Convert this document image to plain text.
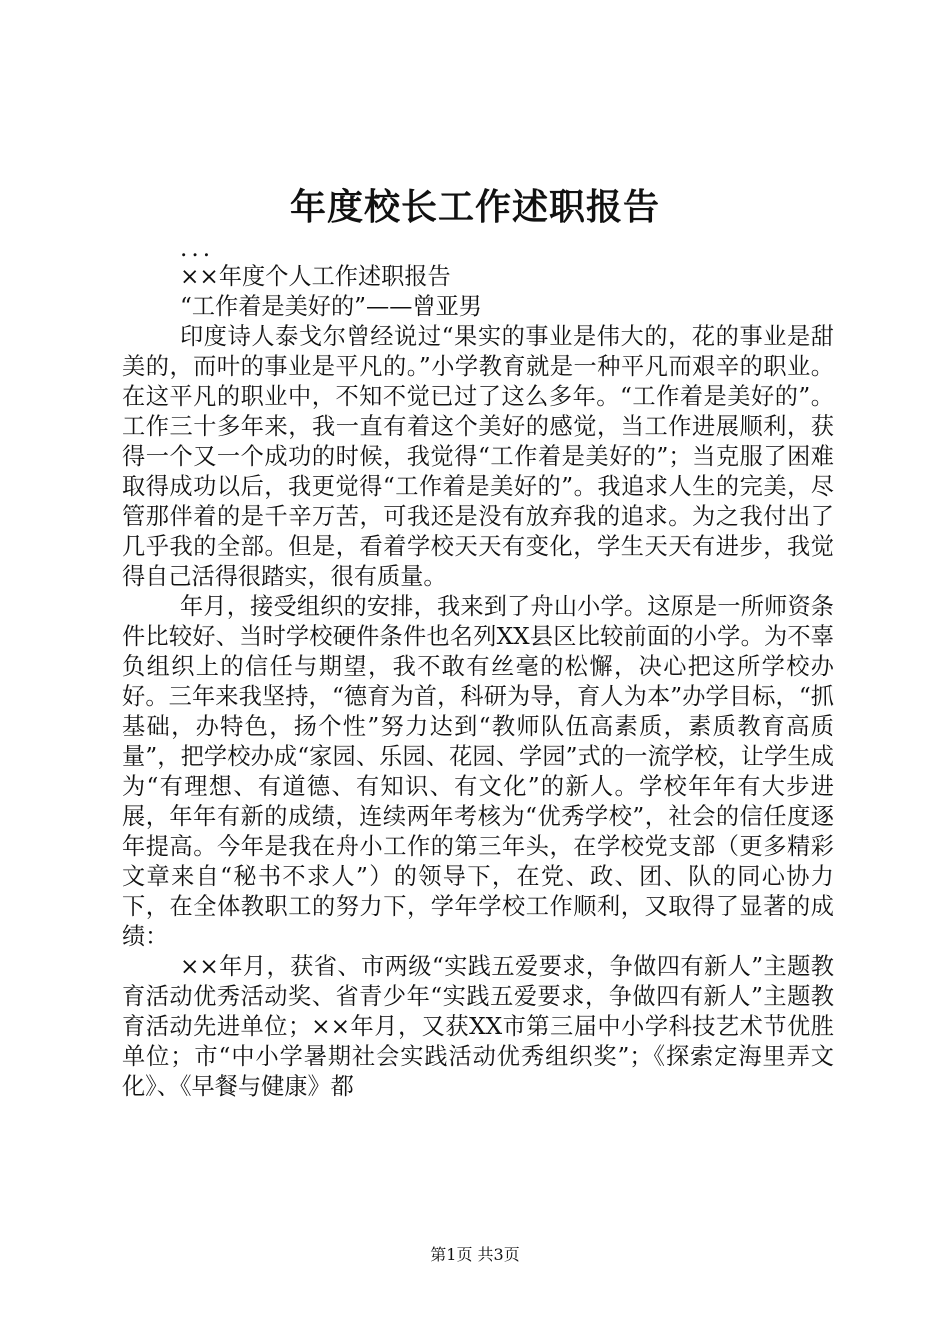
年度校长工作述职报告

...

××年度个人工作述职报告

“工作着是美好的”——曾亚男

印度诗人泰戈尔曾经说过“果实的事业是伟大的，花的事业是甜美的，而叶的事业是平凡的。”小学教育就是一种平凡而艰辛的职业。在这平凡的职业中，不知不觉已过了这么多年。“工作着是美好的”。工作三十多年来，我一直有着这个美好的感觉，当工作进展顺利，获得一个又一个成功的时候，我觉得“工作着是美好的”；当克服了困难取得成功以后，我更觉得“工作着是美好的”。我追求人生的完美，尽管那伴着的是千辛万苦，可我还是没有放弃我的追求。为之我付出了几乎我的全部。但是，看着学校天天有变化，学生天天有进步，我觉得自己活得很踏实，很有质量。

年月，接受组织的安排，我来到了舟山小学。这原是一所师资条件比较好、当时学校硬件条件也名列XX县区比较前面的小学。为不辜负组织上的信任与期望，我不敢有丝毫的松懈，决心把这所学校办好。三年来我坚持，“德育为首，科研为导，育人为本”办学目标，“抓基础，办特色，扬个性”努力达到“教师队伍高素质，素质教育高质量”，把学校办成“家园、乐园、花园、学园”式的一流学校，让学生成为“有理想、有道德、有知识、有文化”的新人。学校年年有大步进展，年年有新的成绩，连续两年考核为“优秀学校”，社会的信任度逐年提高。今年是我在舟小工作的第三年头，在学校党支部（更多精彩文章来自“秘书不求人”）的领导下，在党、政、团、队的同心协力下，在全体教职工的努力下，学年学校工作顺利，又取得了显著的成绩：

××年月，获省、市两级“实践五爱要求，争做四有新人”主题教育活动优秀活动奖、省青少年“实践五爱要求，争做四有新人”主题教育活动先进单位；××年月，又获XX市第三届中小学科技艺术节优胜单位；市“中小学暑期社会实践活动优秀组织奖”；《探索定海里弄文化》、《早餐与健康》都

第1页 共3页
